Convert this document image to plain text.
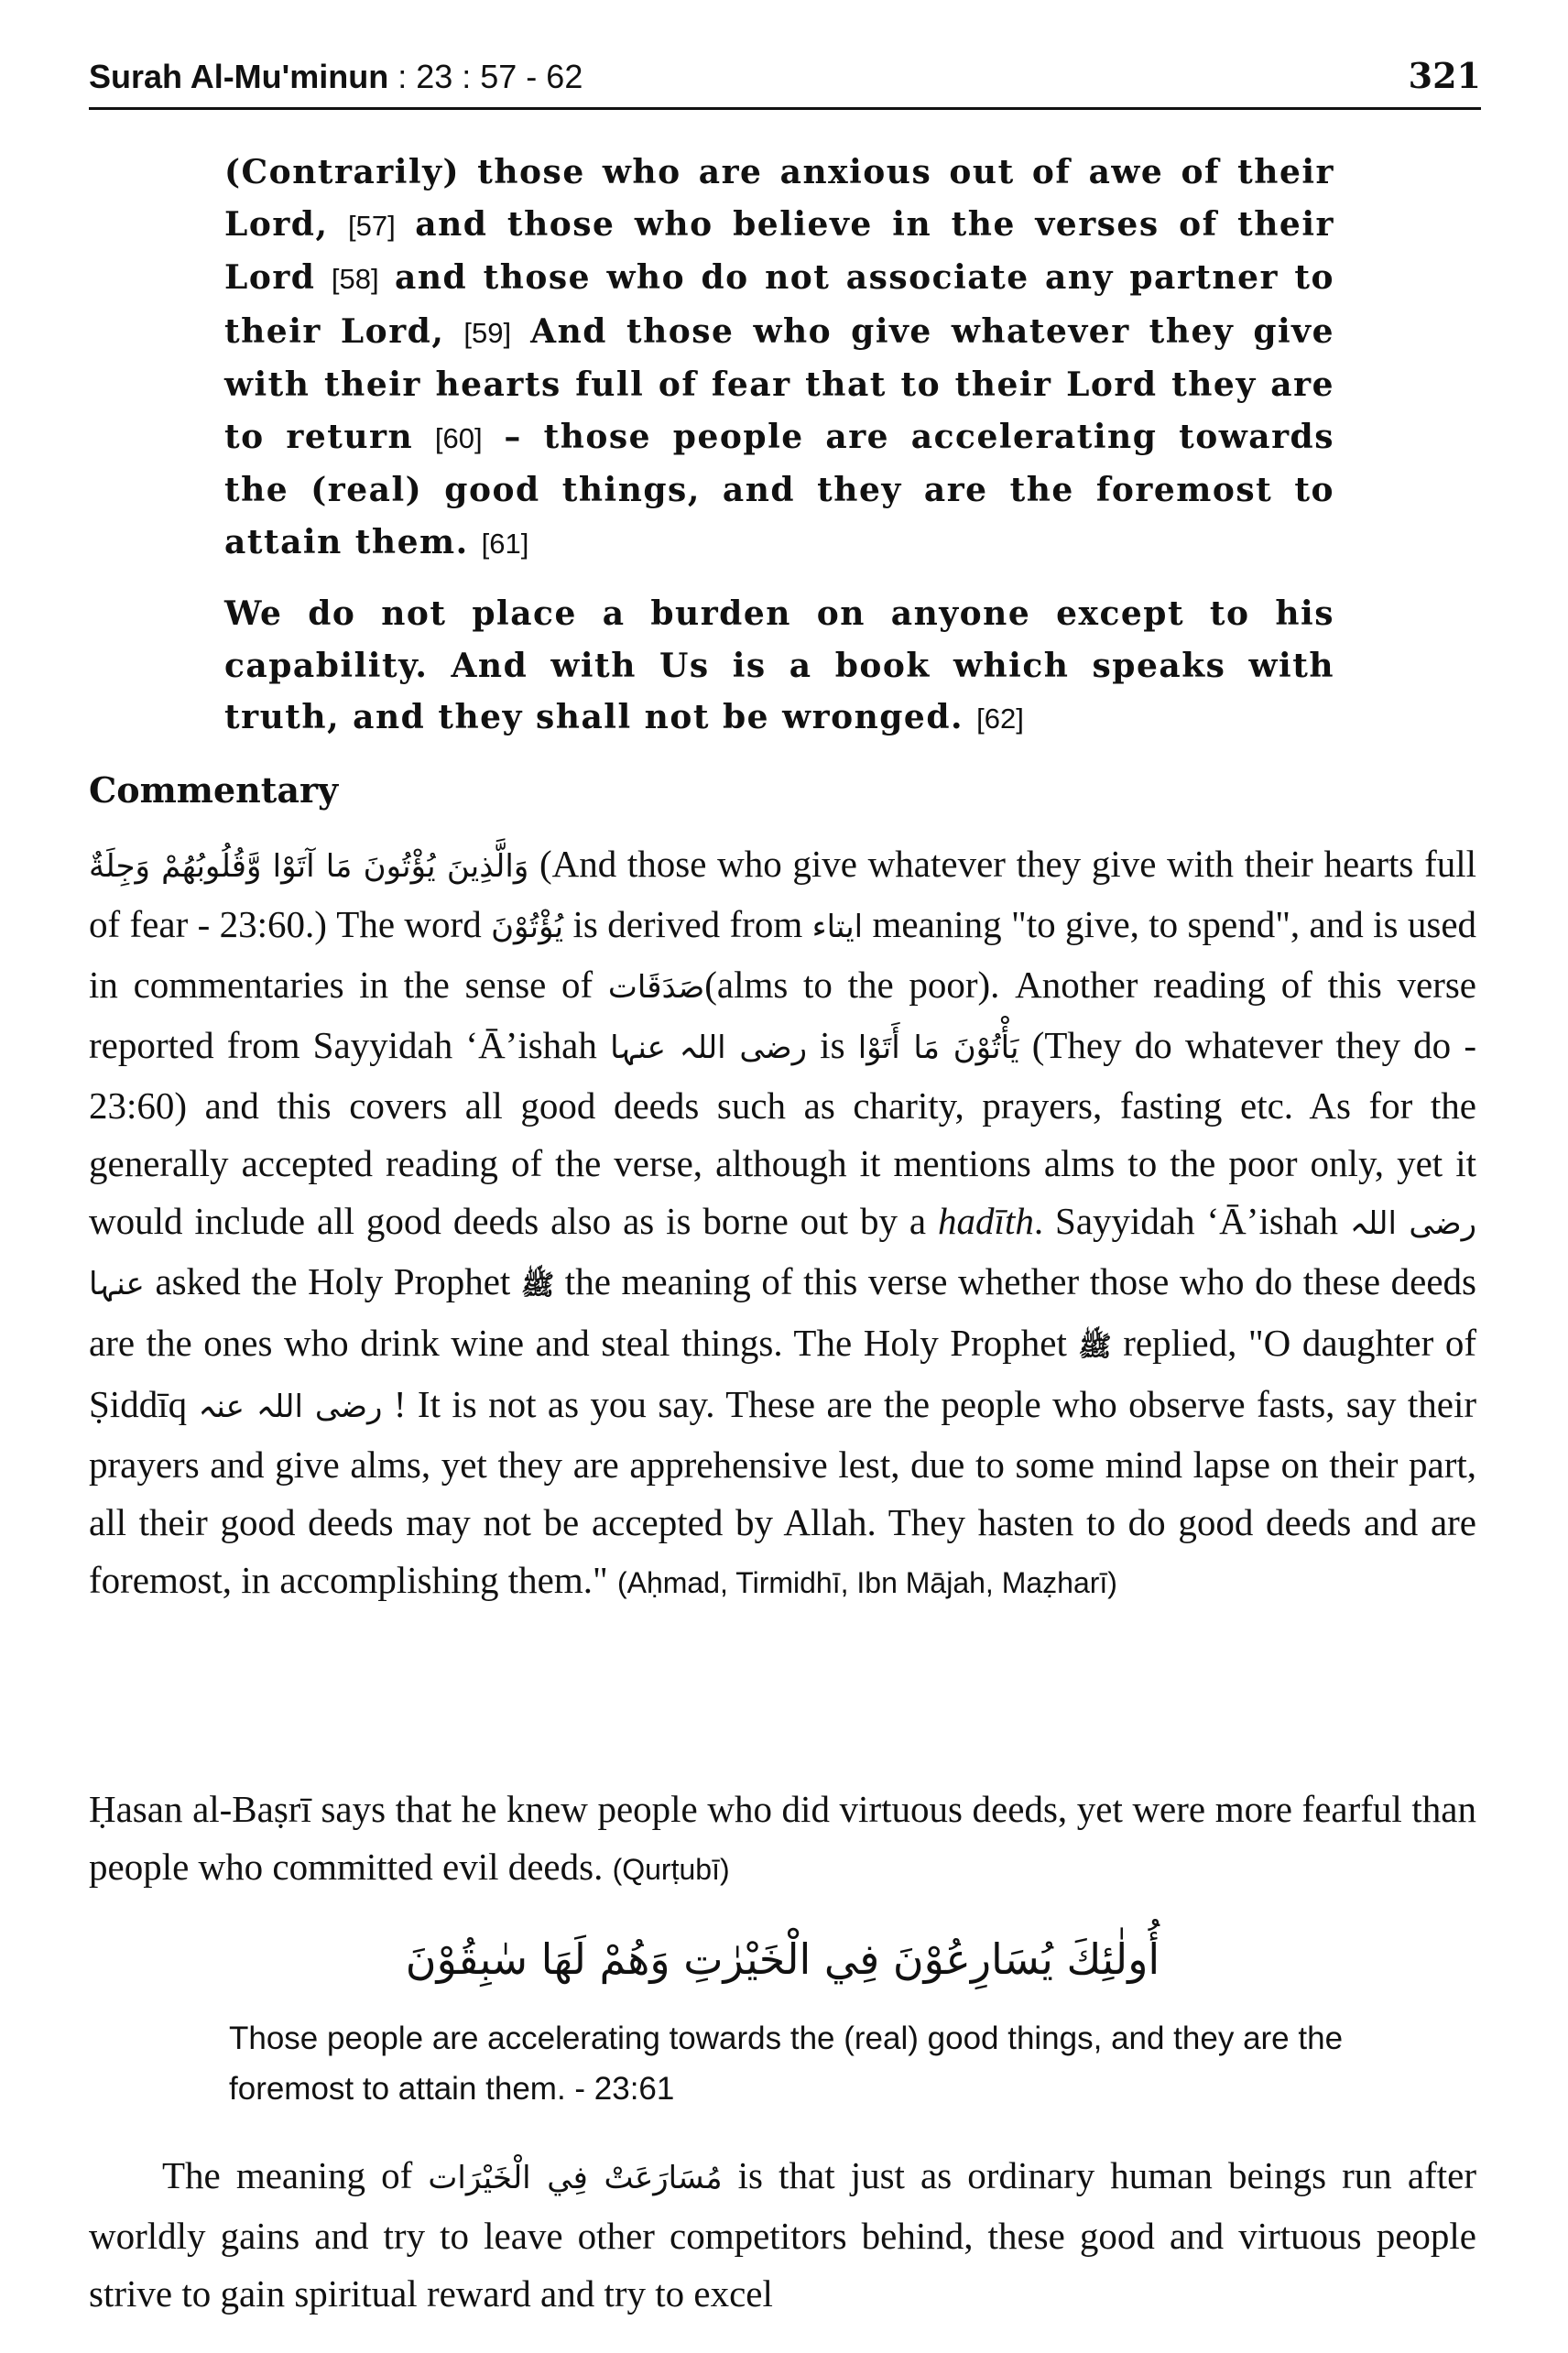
Surah Al-Mu'minun : 23 : 57 - 62	321
(Contrarily) those who are anxious out of awe of their Lord, [57] and those who believe in the verses of their Lord [58] and those who do not associate any partner to their Lord, [59] And those who give whatever they give with their hearts full of fear that to their Lord they are to return [60] – those people are accelerating towards the (real) good things, and they are the foremost to attain them. [61]
We do not place a burden on anyone except to his capability. And with Us is a book which speaks with truth, and they shall not be wronged. [62]
Commentary
وَالَّذِينَ يُؤْتُونَ مَا آتَوْا وَّقُلُوبُهُمْ وَجِلَةٌ (And those who give whatever they give with their hearts full of fear - 23:60.) The word يُؤْتُوْنَ is derived from ايتاء meaning "to give, to spend", and is used in commentaries in the sense of صَدَقَات(alms to the poor). Another reading of this verse reported from Sayyidah ‘Ā’ishah رضی اللہ عنہا is يَأْتُوْنَ مَا أَتَوْا (They do whatever they do - 23:60) and this covers all good deeds such as charity, prayers, fasting etc. As for the generally accepted reading of the verse, although it mentions alms to the poor only, yet it would include all good deeds also as is borne out by a hadīth. Sayyidah ‘Ā’ishah رضی اللہ عنہا asked the Holy Prophet ﷺ the meaning of this verse whether those who do these deeds are the ones who drink wine and steal things. The Holy Prophet ﷺ replied, "O daughter of Ṣiddīq رضی اللہ عنہ ! It is not as you say. These are the people who observe fasts, say their prayers and give alms, yet they are apprehensive lest, due to some mind lapse on their part, all their good deeds may not be accepted by Allah. They hasten to do good deeds and are foremost, in accomplishing them." (Aḥmad, Tirmidhī, Ibn Mājah, Maẓharī)
Ḥasan al-Baṣrī says that he knew people who did virtuous deeds, yet were more fearful than people who committed evil deeds. (Qurṭubī)
أُولٰئِكَ يُسَارِعُوْنَ فِي الْخَيْرٰتِ وَهُمْ لَهَا سٰبِقُوْنَ
Those people are accelerating towards the (real) good things, and they are the foremost to attain them. - 23:61
The meaning of مُسَارَعَتْ فِي الْخَيْرَات is that just as ordinary human beings run after worldly gains and try to leave other competitors behind, these good and virtuous people strive to gain spiritual reward and try to excel
